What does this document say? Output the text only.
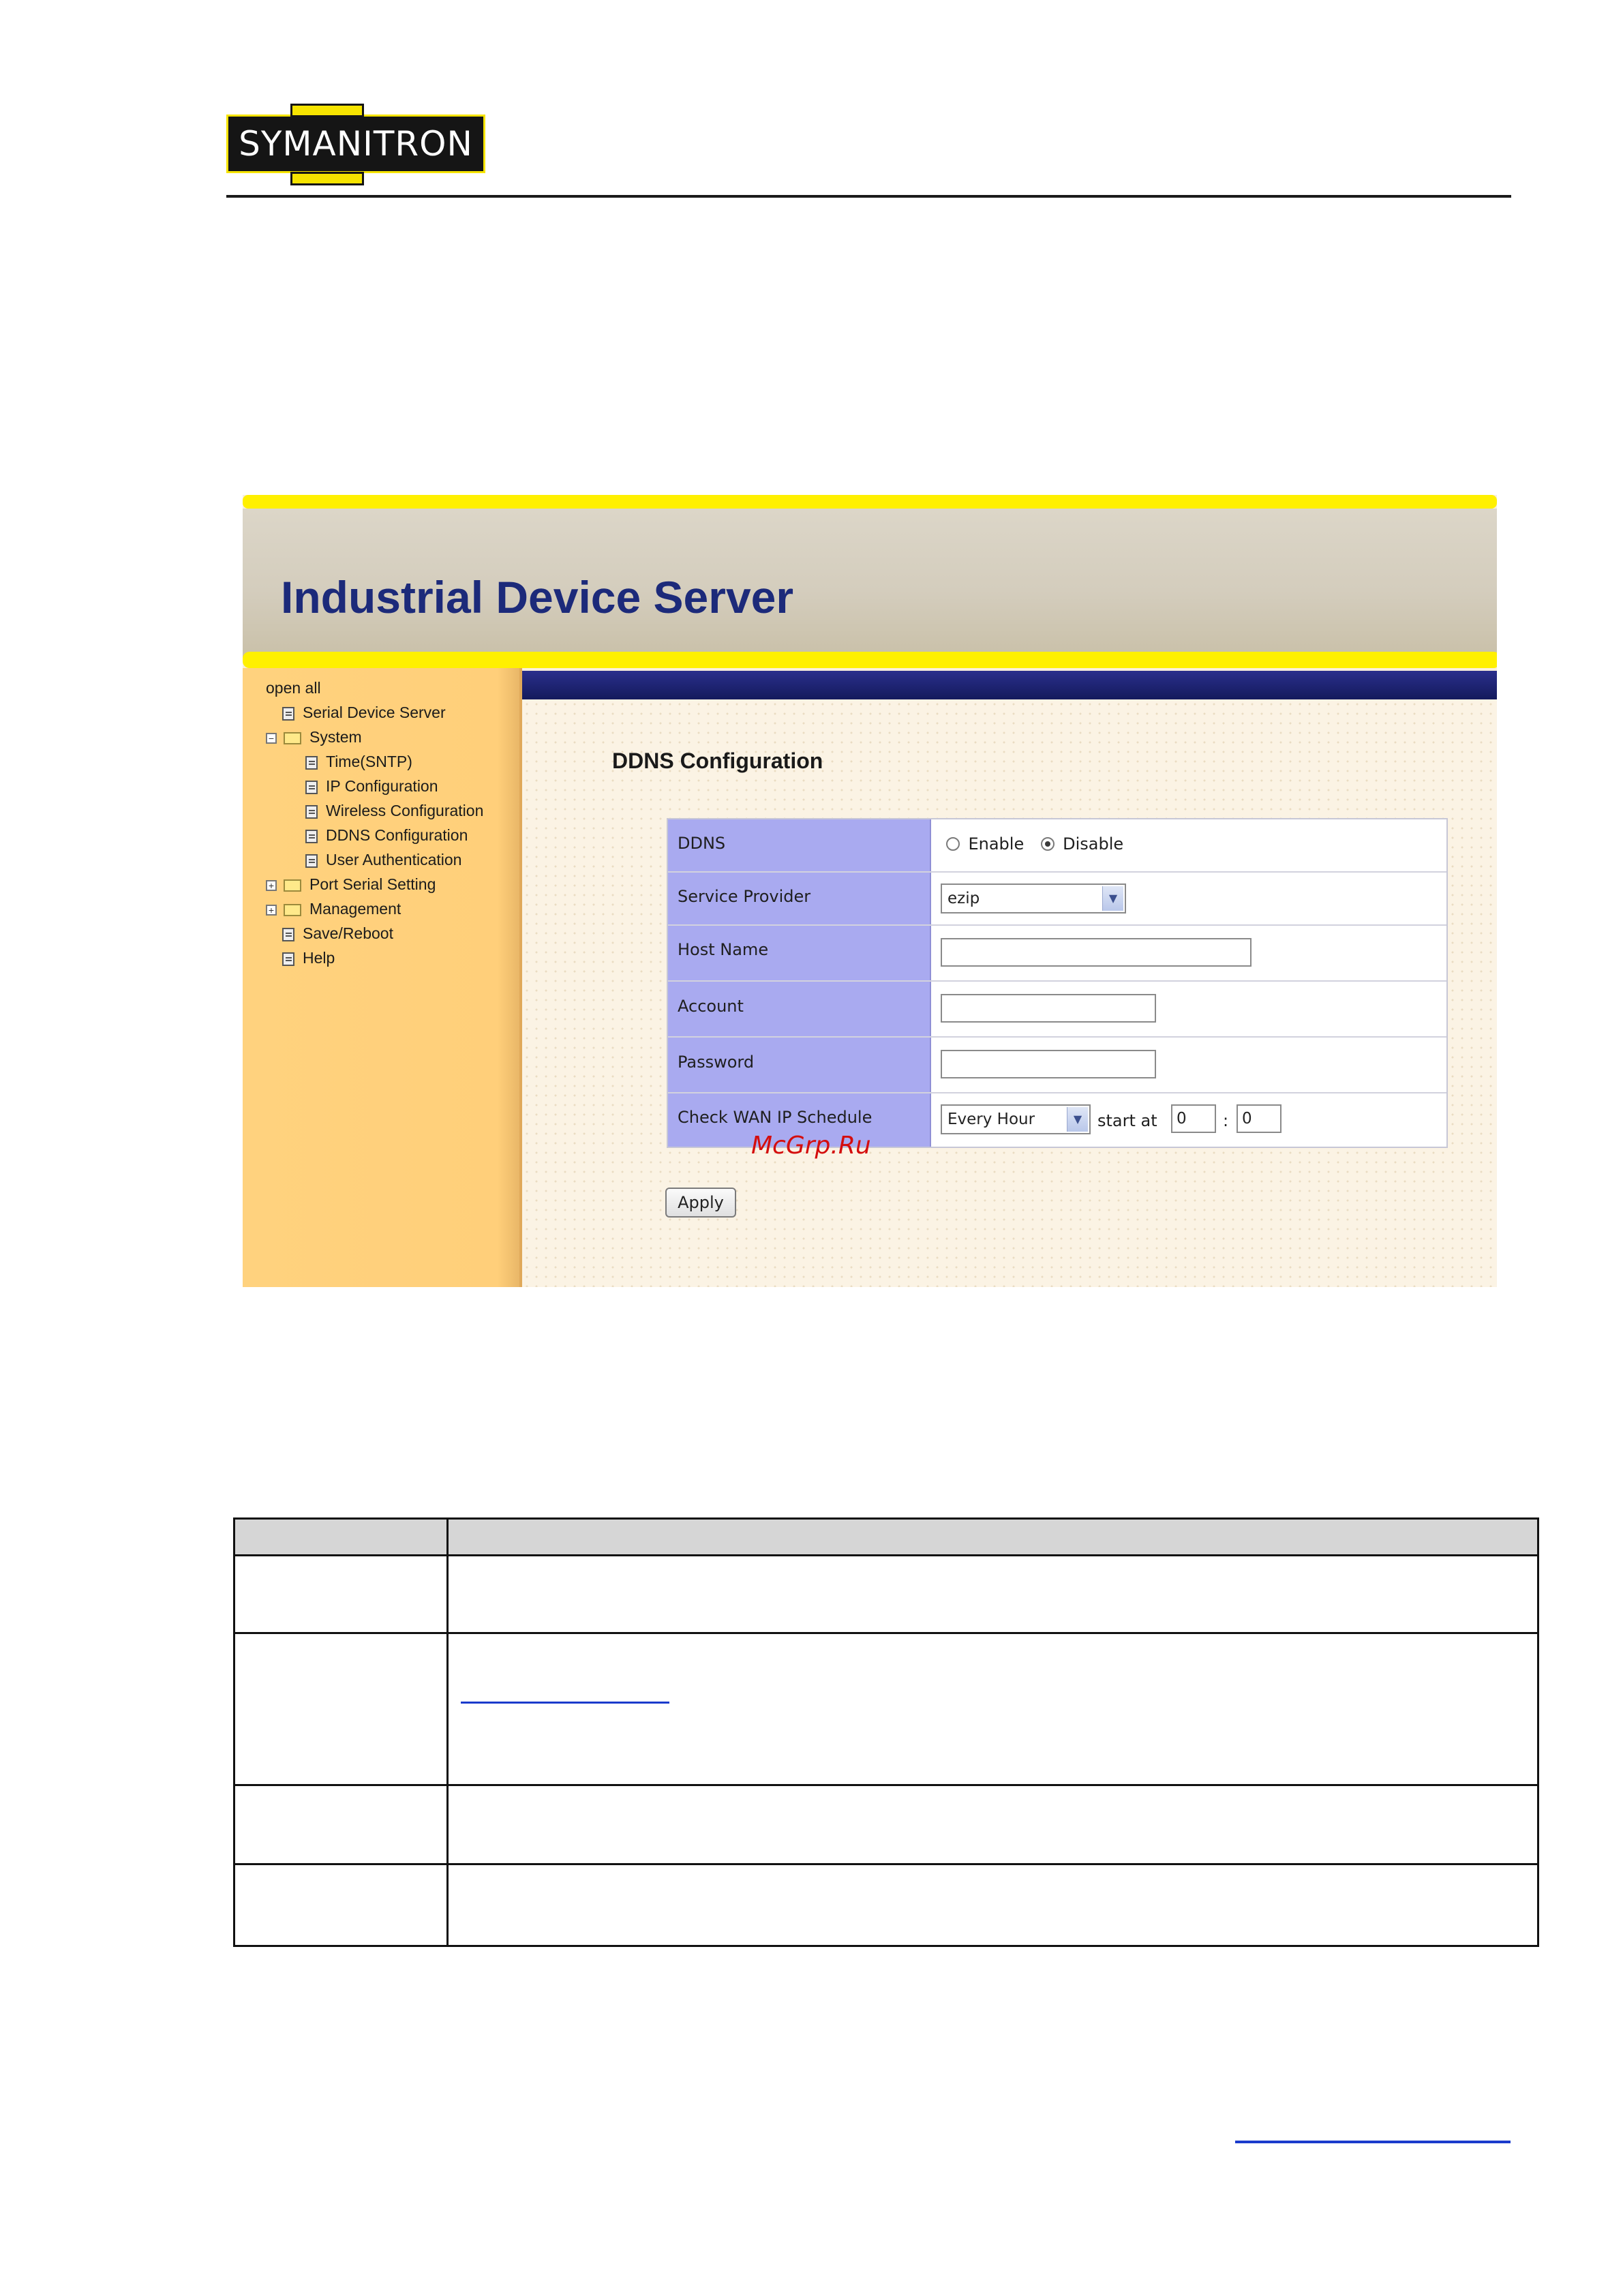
SYMANITRON
Industrial Device Server
open all
Serial Device Server
− System
Time(SNTP)
IP Configuration
Wireless Configuration
DDNS Configuration
User Authentication
+ Port Serial Setting
+ Management
Save/Reboot
Help
DDNS Configuration
DDNS	Enable Disable
Service Provider	ezip	▼
Host Name
Account
Password
Check WAN IP Schedule	Every Hour	▼ start at	0	: 0
McGrp.Ru
Apply
